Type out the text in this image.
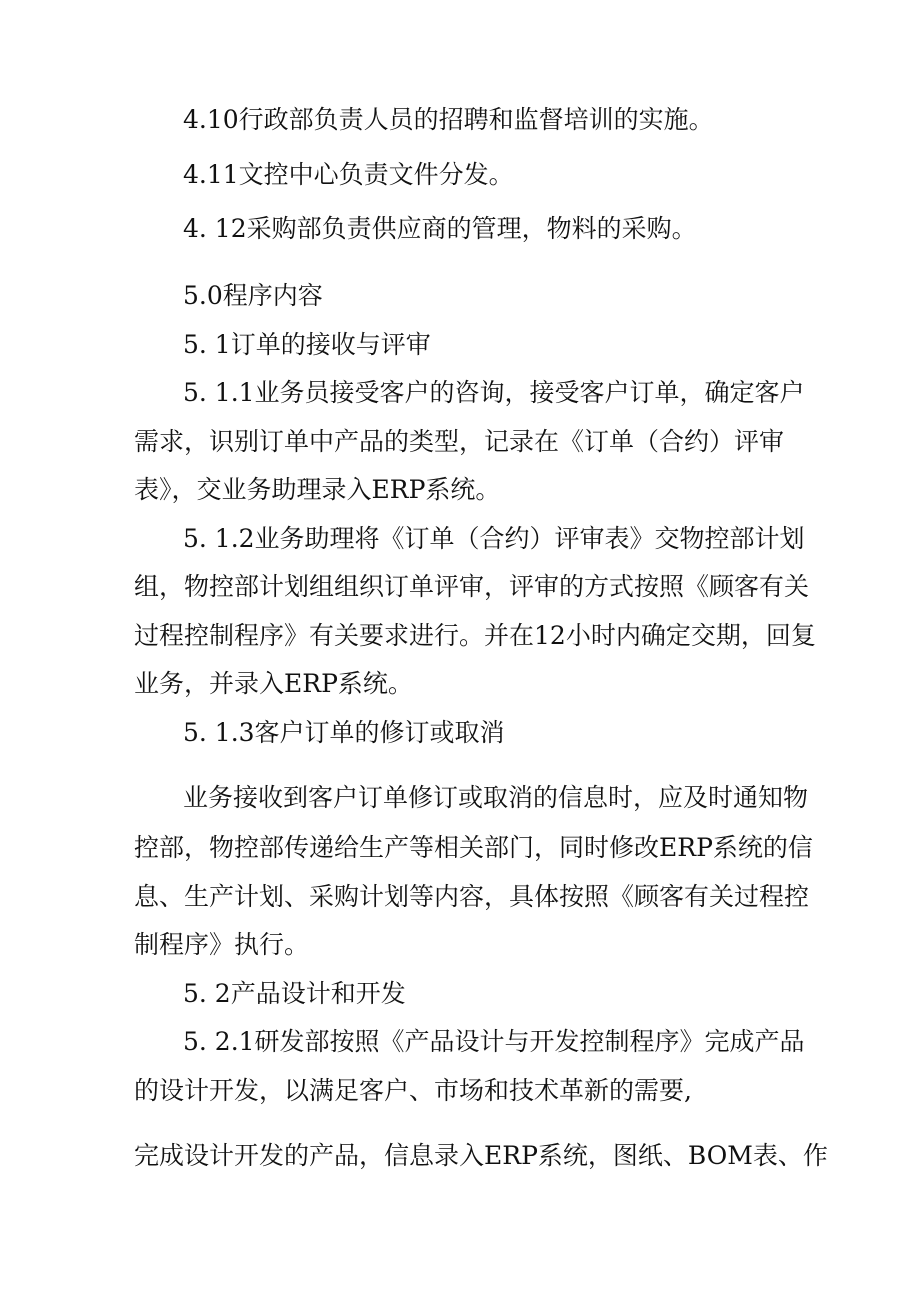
4.10行政部负责人员的招聘和监督培训的实施。

4.11文控中心负责文件分发。

4. 12采购部负责供应商的管理，物料的采购。

5.0程序内容

5. 1订单的接收与评审

5. 1.1业务员接受客户的咨询，接受客户订单，确定客户

需求，识别订单中产品的类型，记录在《订单（合约）评审

表》，交业务助理录入ERP系统。

5. 1.2业务助理将《订单（合约）评审表》交物控部计划

组，物控部计划组组织订单评审，评审的方式按照《顾客有关

过程控制程序》有关要求进行。并在12小时内确定交期，回复

业务，并录入ERP系统。

5. 1.3客户订单的修订或取消

业务接收到客户订单修订或取消的信息时，应及时通知物

控部，物控部传递给生产等相关部门，同时修改ERP系统的信

息、生产计划、采购计划等内容，具体按照《顾客有关过程控

制程序》执行。

5. 2产品设计和开发

5. 2.1研发部按照《产品设计与开发控制程序》完成产品

的设计开发，以满足客户、市场和技术革新的需要,

完成设计开发的产品，信息录入ERP系统，图纸、BOM表、作
